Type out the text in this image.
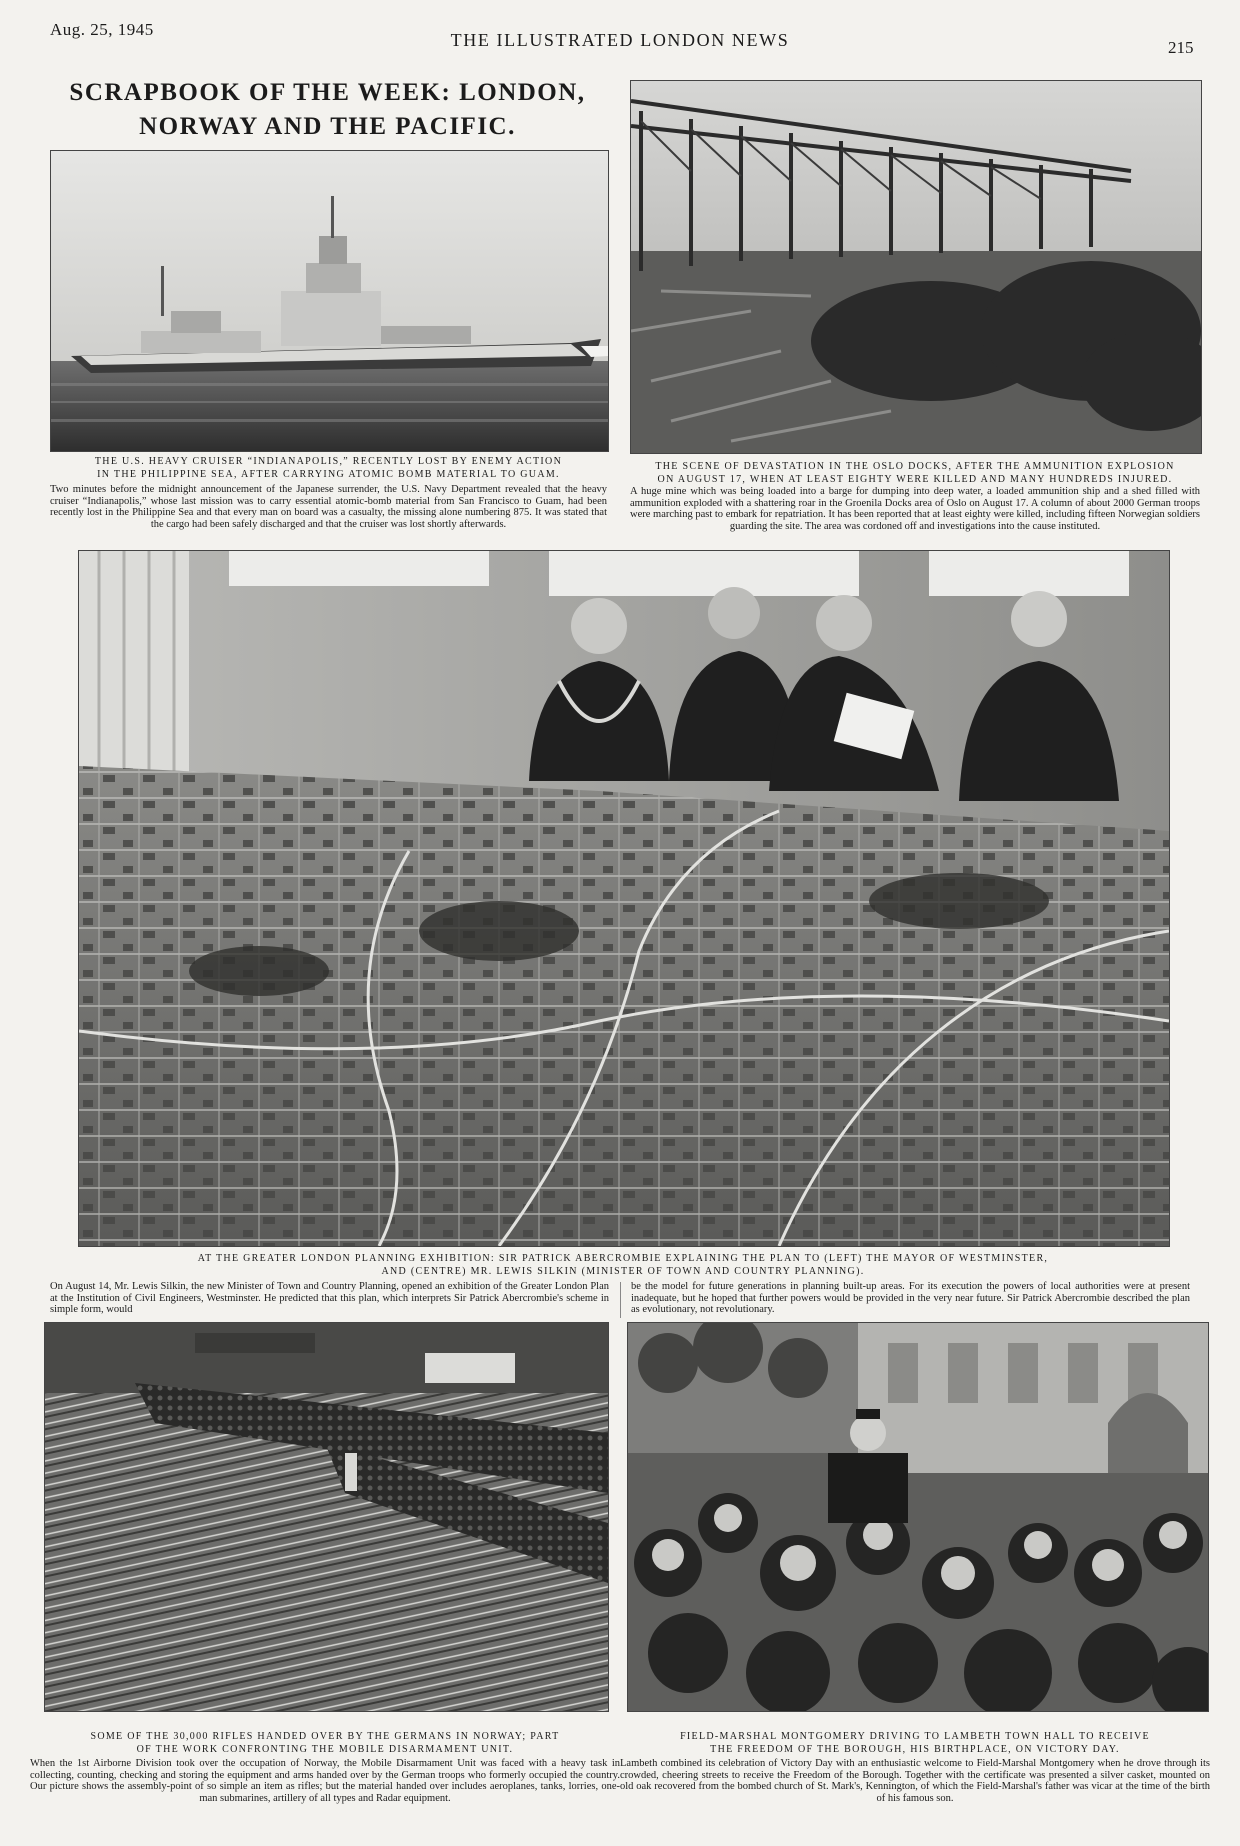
Aug. 25, 1945
THE ILLUSTRATED LONDON NEWS	215
SCRAPBOOK OF THE WEEK: LONDON,
NORWAY AND THE PACIFIC.
THE U.S. HEAVY CRUISER “INDIANAPOLIS,” RECENTLY LOST BY ENEMY ACTION
IN THE PHILIPPINE SEA, AFTER CARRYING ATOMIC BOMB MATERIAL TO GUAM.
Two minutes before the midnight announcement of the Japanese surrender, the U.S. Navy Department revealed that the heavy cruiser “Indianapolis,” whose last mission was to carry essential atomic-bomb material from San Francisco to Guam, had been recently lost in the Philippine Sea and that every man on board was a casualty, the missing alone numbering 875. It was stated that the cargo had been safely discharged and that the cruiser was lost shortly afterwards.
THE SCENE OF DEVASTATION IN THE OSLO DOCKS, AFTER THE AMMUNITION EXPLOSION
ON AUGUST 17, WHEN AT LEAST EIGHTY WERE KILLED AND MANY HUNDREDS INJURED.
A huge mine which was being loaded into a barge for dumping into deep water, a loaded ammunition ship and a shed filled with ammunition exploded with a shattering roar in the Groenila Docks area of Oslo on August 17. A column of about 2000 German troops were marching past to embark for repatriation. It has been reported that at least eighty were killed, including fifteen Norwegian soldiers guarding the site. The area was cordoned off and investigations into the cause instituted.
AT THE GREATER LONDON PLANNING EXHIBITION: SIR PATRICK ABERCROMBIE EXPLAINING THE PLAN TO (LEFT) THE MAYOR OF WESTMINSTER,
AND (CENTRE) MR. LEWIS SILKIN (MINISTER OF TOWN AND COUNTRY PLANNING).
On August 14, Mr. Lewis Silkin, the new Minister of Town and Country Planning, opened an exhibition of the Greater London Plan at the Institution of Civil Engineers, Westminster. He predicted that this plan, which interprets Sir Patrick Abercrombie's scheme in simple form, would
be the model for future generations in planning built-up areas. For its execution the powers of local authorities were at present inadequate, but he hoped that further powers would be provided in the very near future. Sir Patrick Abercrombie described the plan as evolutionary, not revolutionary.
SOME OF THE 30,000 RIFLES HANDED OVER BY THE GERMANS IN NORWAY; PART
OF THE WORK CONFRONTING THE MOBILE DISARMAMENT UNIT.
When the 1st Airborne Division took over the occupation of Norway, the Mobile Disarmament Unit was faced with a heavy task in collecting, counting, checking and storing the equipment and arms handed over by the German troops who formerly occupied the country. Our picture shows the assembly-point of so simple an item as rifles; but the material handed over includes aeroplanes, tanks, lorries, one-man submarines, artillery of all types and Radar equipment.
FIELD-MARSHAL MONTGOMERY DRIVING TO LAMBETH TOWN HALL TO RECEIVE
THE FREEDOM OF THE BOROUGH, HIS BIRTHPLACE, ON VICTORY DAY.
Lambeth combined its celebration of Victory Day with an enthusiastic welcome to Field-Marshal Montgomery when he drove through its crowded, cheering streets to receive the Freedom of the Borough. Together with the certificate was presented a silver casket, mounted on old oak recovered from the bombed church of St. Mark's, Kennington, of which the Field-Marshal's father was vicar at the time of the birth of his famous son.
